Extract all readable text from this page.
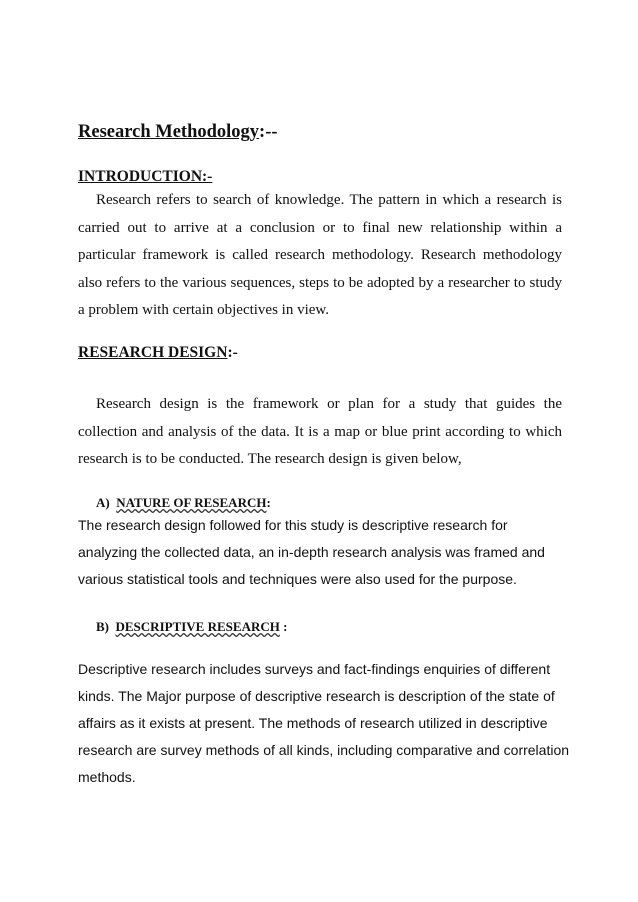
Research Methodology:--
INTRODUCTION:-

Research refers to search of knowledge. The pattern in which a research is carried out to arrive at a conclusion or to final new relationship within a particular framework is called research methodology. Research methodology also refers to the various sequences, steps to be adopted by a researcher to study a problem with certain objectives in view.

RESEARCH DESIGN:-

Research design is the framework or plan for a study that guides the collection and analysis of the data. It is a map or blue print according to which research is to be conducted. The research design is given below,

A) NATURE OF RESEARCH:
The research design followed for this study is descriptive research for
analyzing the collected data, an in-depth research analysis was framed and
various statistical tools and techniques were also used for the purpose.
B) DESCRIPTIVE RESEARCH :
Descriptive research includes surveys and fact-findings enquiries of different
kinds. The Major purpose of descriptive research is description of the state of
affairs as it exists at present. The methods of research utilized in descriptive
research are survey methods of all kinds, including comparative and correlation
methods.
